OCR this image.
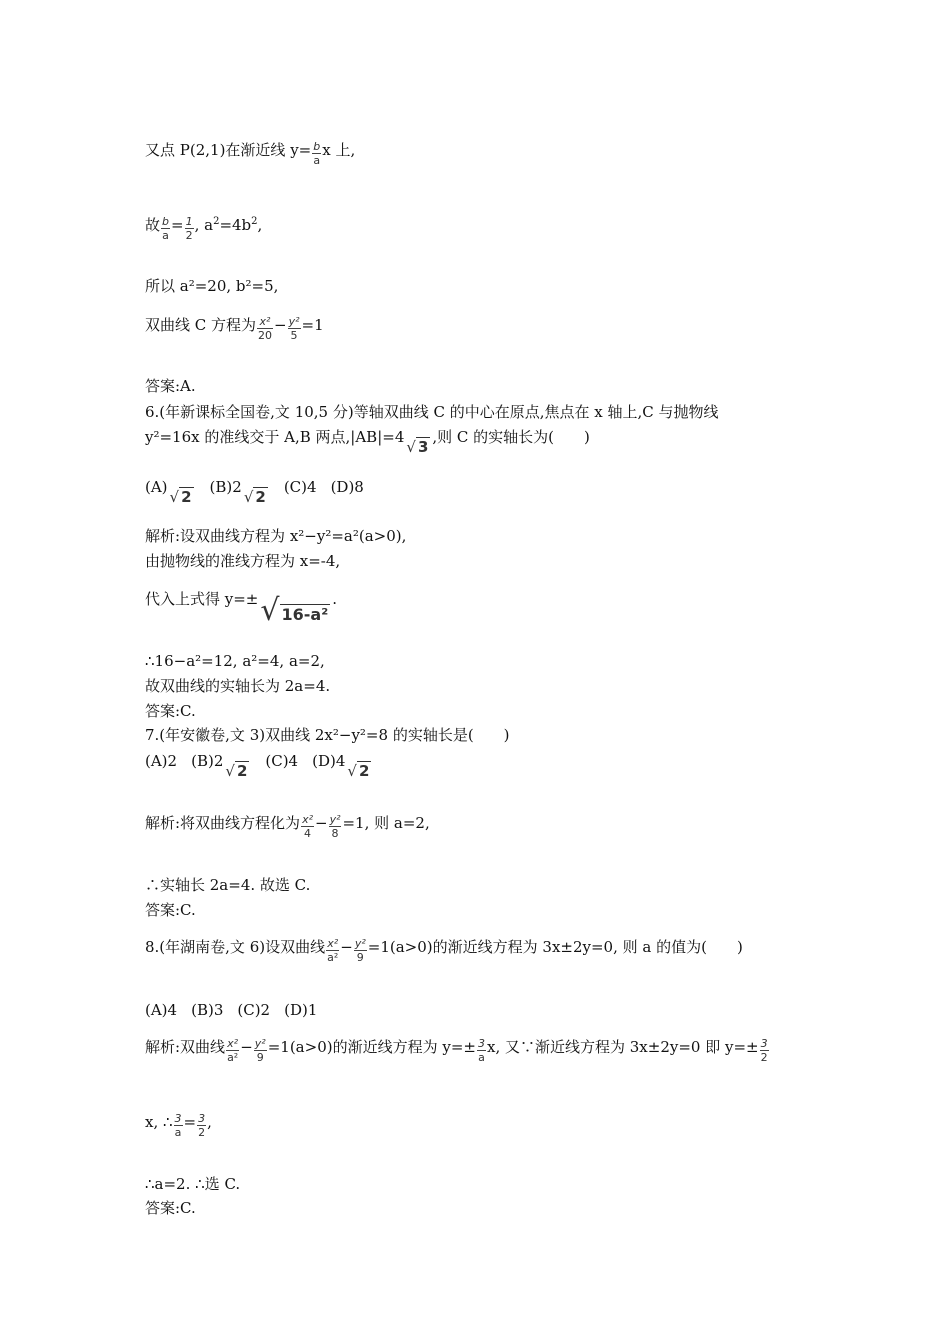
又点 P(2,1)在渐近线 $y= \frac{b}{a}$ x 上,
故 $\frac{b}{a} = \frac{1}{2}$ , $a^2=4b^2$,
所以 a²=20, b²=5,
双曲线 C 方程为 $\frac{\text{x²}}{20} - \frac{\text{y²}}{5} =1$
答案:A.
6.(年新课标全国卷,文 10,5 分)等轴双曲线 C 的中心在原点,焦点在 x 轴上,C 与抛物线
y²=16x 的准线交于 A,B 两点,|AB|=4√ 3,则 C 的实轴长为(　　)
(A)√ 2(B)2√ 2(C)4 (D)8
解析:设双曲线方程为 x²−y²=a²(a>0),
由抛物线的准线方程为 x=-4,
代入上式得 y=±√ 16-a².
∴16−a²=12, a²=4, a=2,
故双曲线的实轴长为 2a=4.
答案:C.
7.(年安徽卷,文 3)双曲线 2x²−y²=8 的实轴长是(　　)
(A)2 (B)2√ 2(C)4 (D)4√ 2
解析:将双曲线方程化为 $\frac{\text{x²}}{4} - \frac{\text{y²}}{8} =1$, 则 a=2,
∴实轴长 2a=4. 故选 C.
答案:C.
8.(年湖南卷,文 6)设双曲线 $\frac{\text{x²}}{\text{a²}} - \frac{\text{y²}}{9} =1(a>0)$的渐近线方程为 3x±2y=0, 则 a 的值为(　　)
(A)4 (B)3 (C)2 (D)1
解析:双曲线 $\frac{\text{x²}}{\text{a²}} - \frac{\text{y²}}{9} =1(a>0)$的渐近线方程为 $y=\pm \frac{3}{a} x$, 又∵渐近线方程为 3x±2y=0 即 $y=\pm \frac{3}{2}$
x, ∴ $\frac{3}{a} = \frac{3}{2}$ ,
∴a=2. ∴选 C.
答案:C.
